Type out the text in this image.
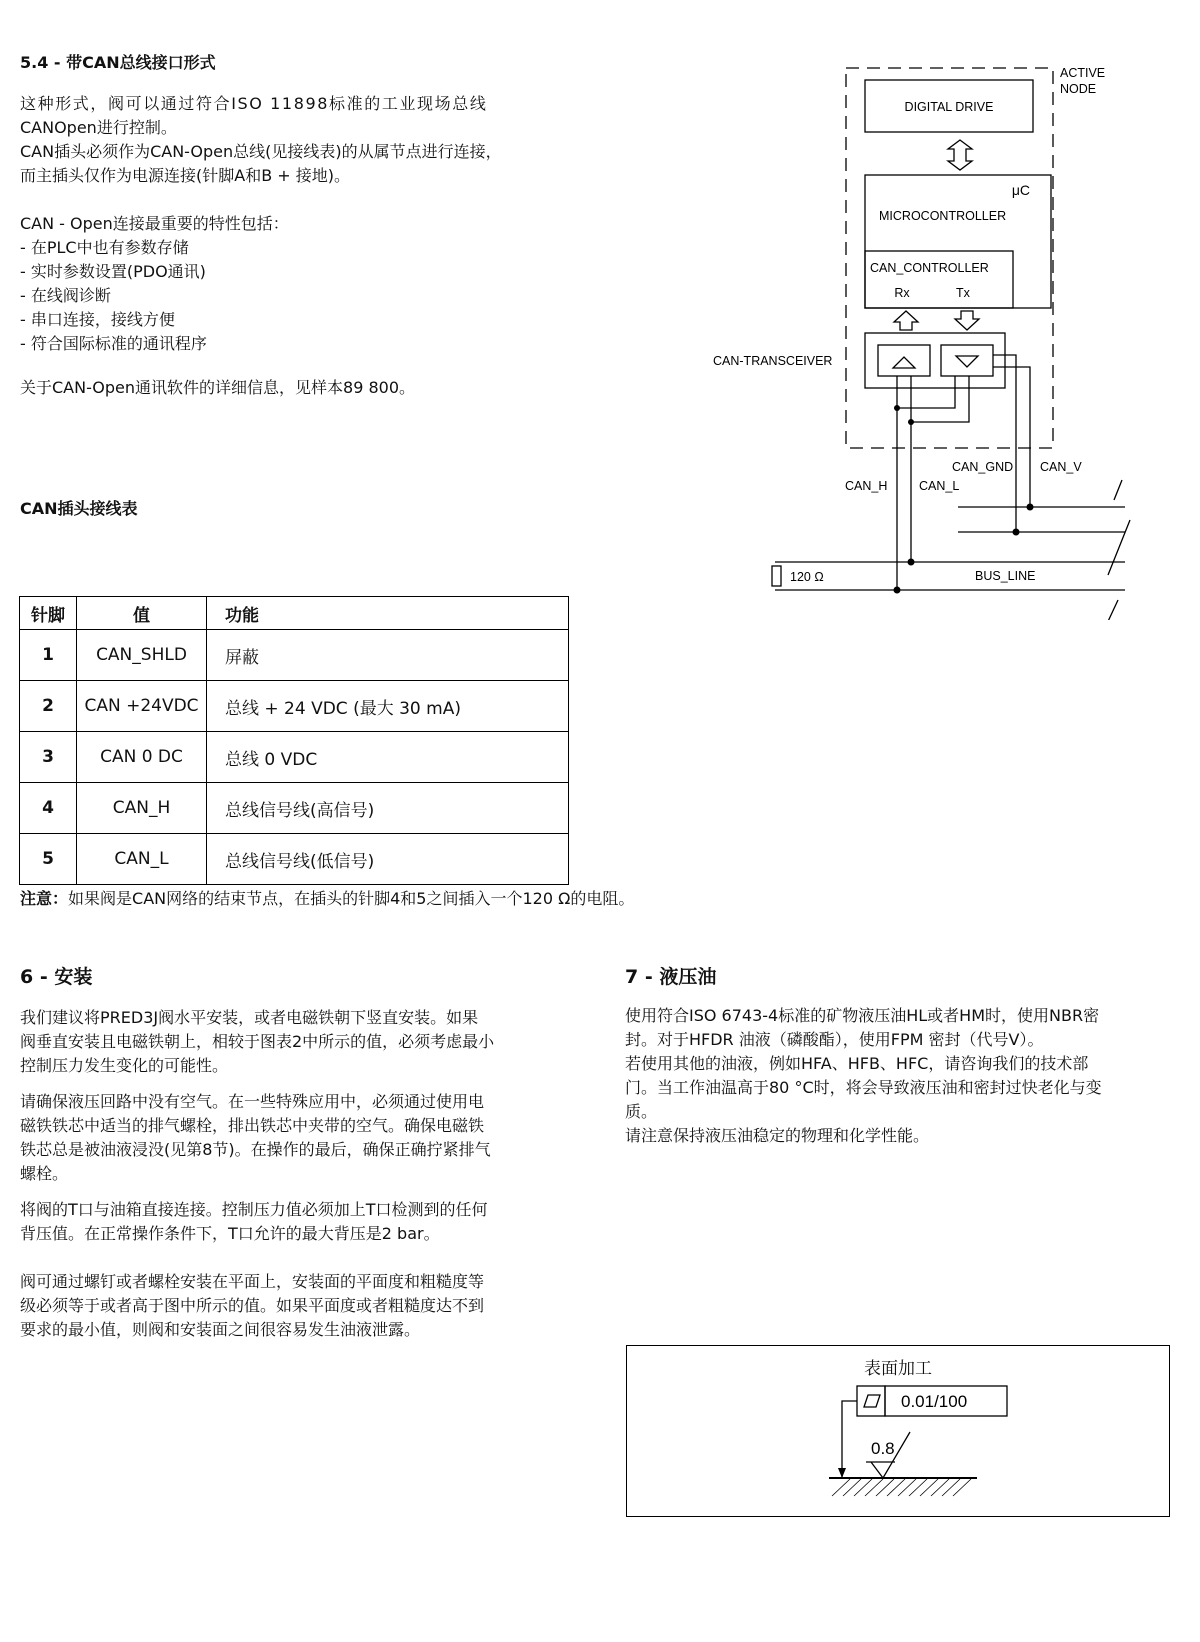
5.4 - 带CAN总线接口形式
这种形式，阀可以通过符合ISO 11898标准的工业现场总线
CANOpen进行控制。
CAN插头必须作为CAN-Open总线(见接线表)的从属节点进行连接，
而主插头仅作为电源连接(针脚A和B + 接地)。
CAN - Open连接最重要的特性包括：
- 在PLC中也有参数存储
- 实时参数设置(PDO通讯)
- 在线阀诊断
- 串口连接，接线方便
- 符合国际标准的通讯程序
关于CAN-Open通讯软件的详细信息，见样本89 800。
ACTIVE
NODE
DIGITAL DRIVE
μC
MICROCONTROLLER
CAN_CONTROLLER
Rx	Tx
CAN-TRANSCEIVER
CAN_GND CAN_V
CAN_H	CAN_L
120 Ω	BUS_LINE
CAN插头接线表
针脚	值	功能
1	CAN_SHLD	屏蔽
2	CAN +24VDC	总线 + 24 VDC (最大 30 mA)
3	CAN 0 DC	总线 0 VDC
4	CAN_H	总线信号线(高信号)
5	CAN_L	总线信号线(低信号)
注意：如果阀是CAN网络的结束节点，在插头的针脚4和5之间插入一个120 Ω的电阻。
6 - 安装
我们建议将PRED3J阀水平安装，或者电磁铁朝下竖直安装。如果
阀垂直安装且电磁铁朝上，相较于图表2中所示的值，必须考虑最小
控制压力发生变化的可能性。
请确保液压回路中没有空气。在一些特殊应用中，必须通过使用电
磁铁铁芯中适当的排气螺栓，排出铁芯中夹带的空气。确保电磁铁
铁芯总是被油液浸没(见第8节)。在操作的最后，确保正确拧紧排气
螺栓。
将阀的T口与油箱直接连接。控制压力值必须加上T口检测到的任何
背压值。在正常操作条件下，T口允许的最大背压是2 bar。
阀可通过螺钉或者螺栓安装在平面上，安装面的平面度和粗糙度等
级必须等于或者高于图中所示的值。如果平面度或者粗糙度达不到
要求的最小值，则阀和安装面之间很容易发生油液泄露。
7 - 液压油
使用符合ISO 6743-4标准的矿物液压油HL或者HM时，使用NBR密
封。对于HFDR 油液（磷酸酯），使用FPM 密封（代号V）。
若使用其他的油液，例如HFA、HFB、HFC，请咨询我们的技术部
门。当工作油温高于80 °C时，将会导致液压油和密封过快老化与变
质。
请注意保持液压油稳定的物理和化学性能。
表面加工
0.01/100
0.8
